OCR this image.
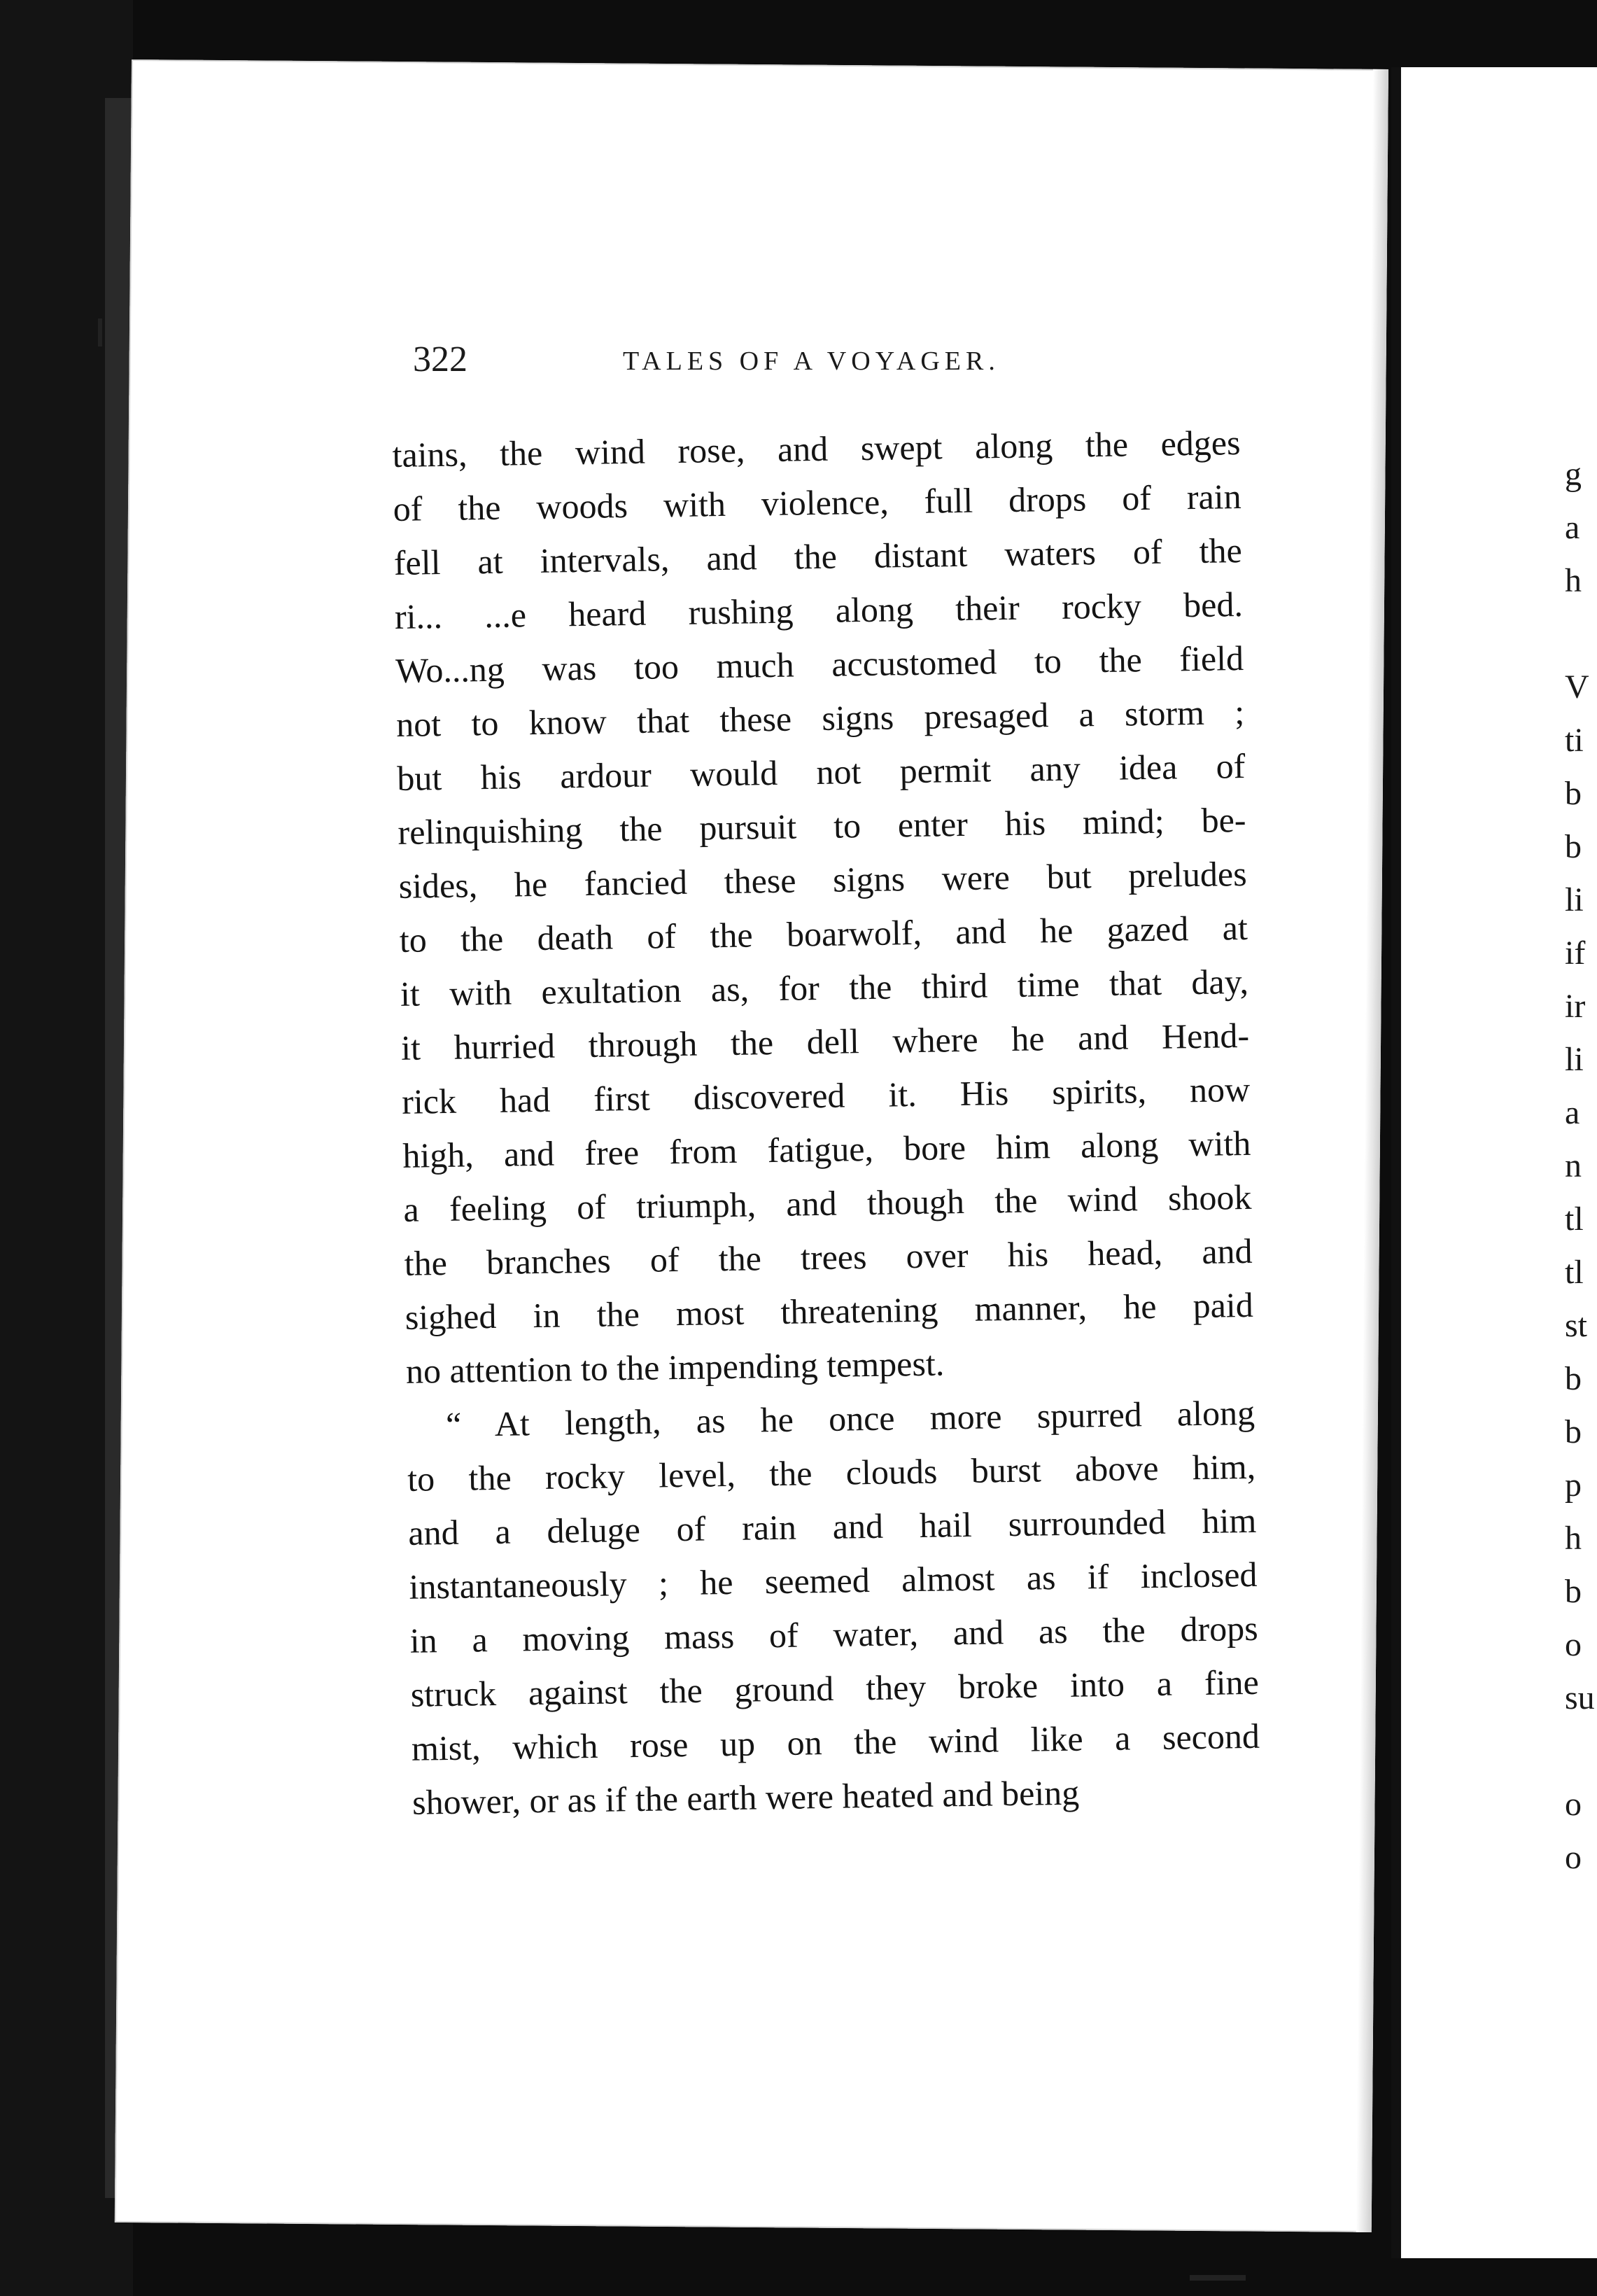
g
a
h
V
ti
b
b
li
if
ir
li
a
n
tl
tl
st
b
b
p
h
b
o
su
o
o
322	TALES OF A VOYAGER.
tains, the wind rose, and swept along the edges
of the woods with violence, full drops of rain
fell at intervals, and the distant waters of the
ri... ...e heard rushing along their rocky bed.
Wo...ng was too much accustomed to the field
not to know that these signs presaged a storm ;
but his ardour would not permit any idea of
relinquishing the pursuit to enter his mind; be-
sides, he fancied these signs were but preludes
to the death of the boarwolf, and he gazed at
it with exultation as, for the third time that day,
it hurried through the dell where he and Hend-
rick had first discovered it. His spirits, now
high, and free from fatigue, bore him along with
a feeling of triumph, and though the wind shook
the branches of the trees over his head, and
sighed in the most threatening manner, he paid
no attention to the impending tempest.
“ At length, as he once more spurred along
to the rocky level, the clouds burst above him,
and a deluge of rain and hail surrounded him
instantaneously ; he seemed almost as if inclosed
in a moving mass of water, and as the drops
struck against the ground they broke into a fine
mist, which rose up on the wind like a second
shower, or as if the earth were heated and being
